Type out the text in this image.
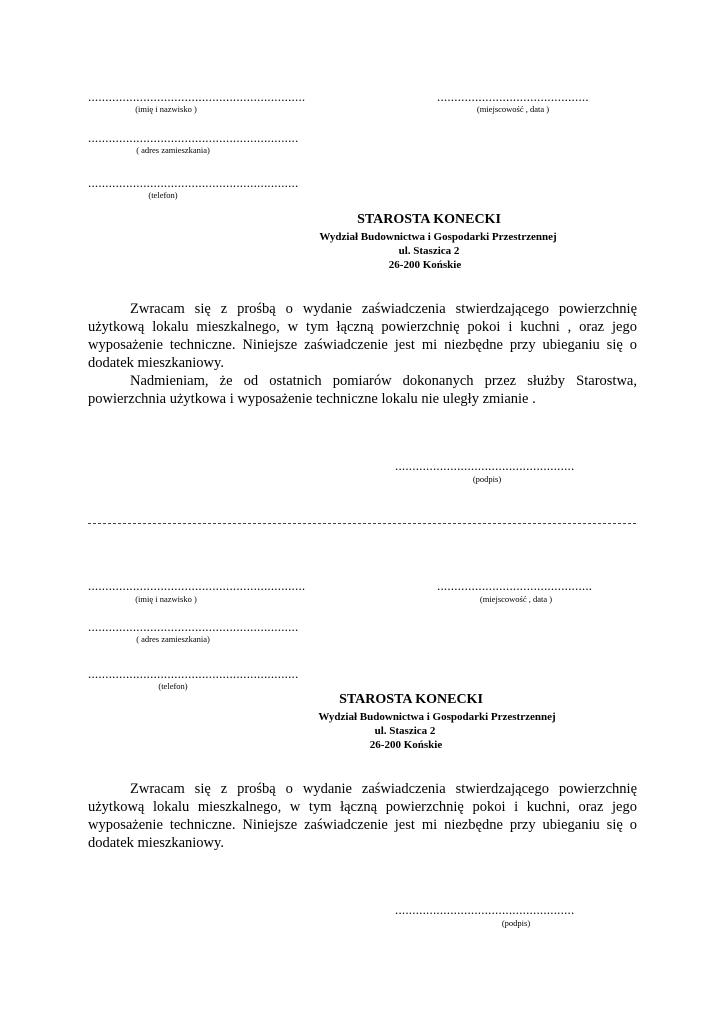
...............................................................
(imię i nazwisko )
............................................
(miejscowość , data )
.............................................................
( adres zamieszkania)
.............................................................
(telefon)
STAROSTA KONECKI
Wydział Budownictwa i Gospodarki Przestrzennej
ul. Staszica 2
26-200 Końskie

Zwracam się z prośbą o wydanie zaświadczenia stwierdzającego powierzchnię użytkową lokalu mieszkalnego, w tym łączną powierzchnię pokoi i kuchni , oraz jego wyposażenie techniczne. Niniejsze zaświadczenie jest mi niezbędne przy ubieganiu się o dodatek mieszkaniowy.

Nadmieniam, że od ostatnich pomiarów dokonanych przez służby Starostwa, powierzchnia użytkowa i wyposażenie techniczne lokalu nie uległy zmianie .

....................................................
(podpis)
...............................................................
(imię i nazwisko )
.............................................
(miejscowość , data )
.............................................................
( adres zamieszkania)
.............................................................
(telefon)
STAROSTA KONECKI
Wydział Budownictwa i Gospodarki Przestrzennej
ul. Staszica 2
26-200 Końskie

Zwracam się z prośbą o wydanie zaświadczenia stwierdzającego powierzchnię użytkową lokalu mieszkalnego, w tym łączną powierzchnię pokoi i kuchni, oraz jego wyposażenie techniczne. Niniejsze zaświadczenie jest mi niezbędne przy ubieganiu się o dodatek mieszkaniowy.

....................................................
(podpis)
